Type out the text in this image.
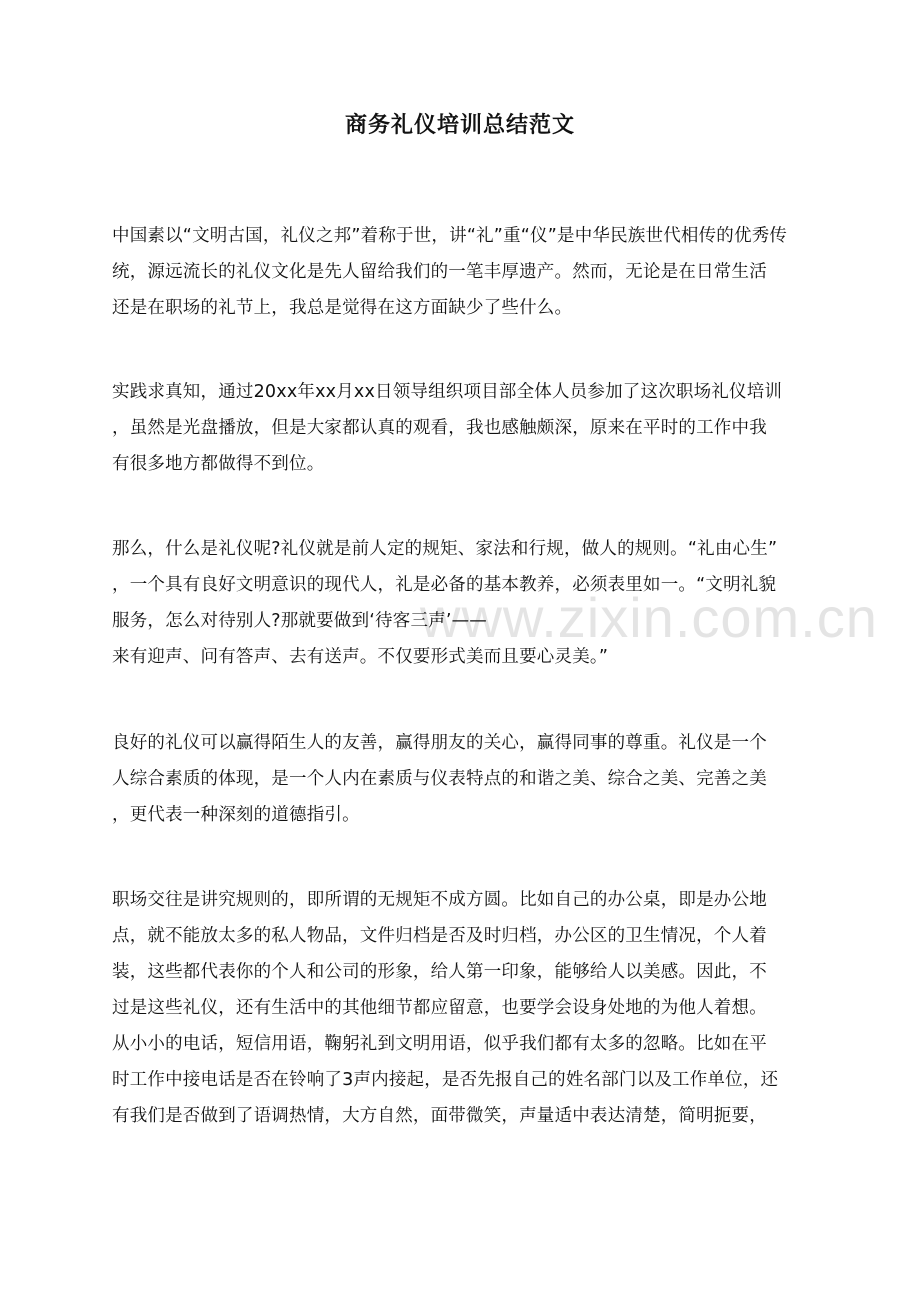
商务礼仪培训总结范文
www.zixin.com.cn
中国素以“文明古国，礼仪之邦”着称于世，讲“礼”重“仪”是中华民族世代相传的优秀传
统，源远流长的礼仪文化是先人留给我们的一笔丰厚遗产。然而，无论是在日常生活
还是在职场的礼节上，我总是觉得在这方面缺少了些什么。
实践求真知，通过20xx年xx月xx日领导组织项目部全体人员参加了这次职场礼仪培训
，虽然是光盘播放，但是大家都认真的观看，我也感触颇深，原来在平时的工作中我
有很多地方都做得不到位。
那么，什么是礼仪呢?礼仪就是前人定的规矩、家法和行规，做人的规则。“礼由心生”
，一个具有良好文明意识的现代人，礼是必备的基本教养，必须表里如一。“文明礼貌
服务，怎么对待别人?那就要做到‘待客三声’——
来有迎声、问有答声、去有送声。不仅要形式美而且要心灵美。”
良好的礼仪可以赢得陌生人的友善，赢得朋友的关心，赢得同事的尊重。礼仪是一个
人综合素质的体现，是一个人内在素质与仪表特点的和谐之美、综合之美、完善之美
，更代表一种深刻的道德指引。
职场交往是讲究规则的，即所谓的无规矩不成方圆。比如自己的办公桌，即是办公地
点，就不能放太多的私人物品，文件归档是否及时归档，办公区的卫生情况，个人着
装，这些都代表你的个人和公司的形象，给人第一印象，能够给人以美感。因此，不
过是这些礼仪，还有生活中的其他细节都应留意，也要学会设身处地的为他人着想。
从小小的电话，短信用语，鞠躬礼到文明用语，似乎我们都有太多的忽略。比如在平
时工作中接电话是否在铃响了3声内接起，是否先报自己的姓名部门以及工作单位，还
有我们是否做到了语调热情，大方自然，面带微笑，声量适中表达清楚，简明扼要，
